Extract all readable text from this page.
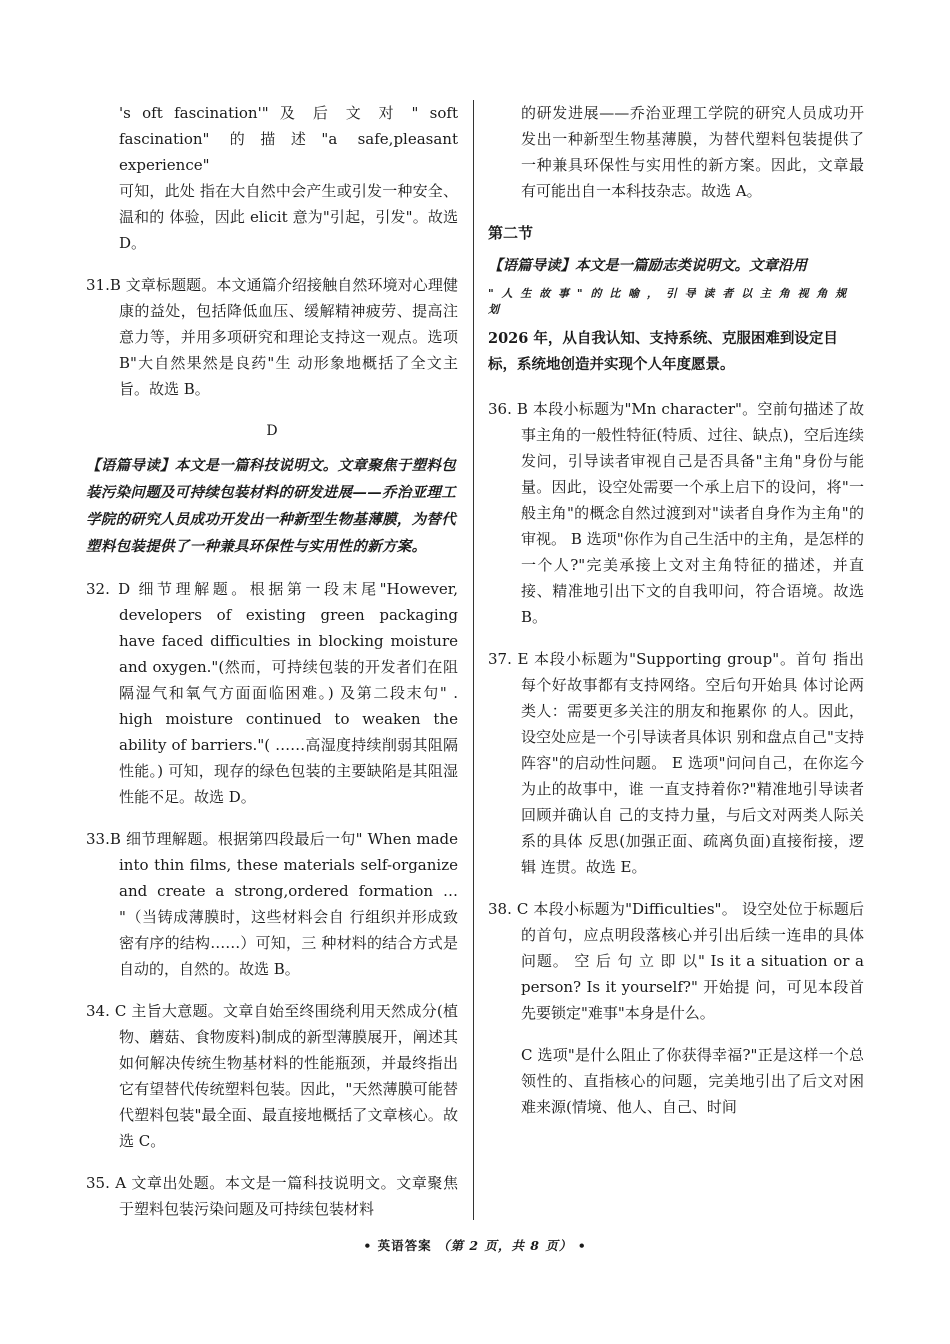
's oft fascination'" 及 后 文 对 " soft fascination" 的描述"a safe,pleasant experience"

可知，此处 指在大自然中会产生或引发一种安全、温和的 体验，因此 elicit 意为"引起，引发"。故选 D。

31.B 文章标题题。本文通篇介绍接触自然环境对心理健康的益处，包括降低血压、缓解精神疲劳、提高注意力等，并用多项研究和理论支持这一观点。选项 B"大自然果然是良药"生 动形象地概括了全文主旨。故选 B。

D

【语篇导读】本文是一篇科技说明文。文章聚焦于塑料包装污染问题及可持续包装材料的研发进展——乔治亚理工学院的研究人员成功开发出一种新型生物基薄膜，为替代塑料包装提供了一种兼具环保性与实用性的新方案。

32. D 细节理解题。根据第一段末尾"However, developers of existing green packaging have faced difficulties in blocking moisture and oxygen."(然而，可持续包装的开发者们在阻隔湿气和氧气方面面临困难。) 及第二段末句" . high moisture continued to weaken the ability of barriers."( ……高湿度持续削弱其阻隔性能。) 可知，现存的绿色包装的主要缺陷是其阻湿性能不足。故选 D。

33.B 细节理解题。根据第四段最后一句" When made into thin films, these materials self-organize and create a strong,ordered formation … "（当铸成薄膜时，这些材料会自 行组织并形成致密有序的结构……）可知，三 种材料的结合方式是自动的，自然的。故选 B。

34. C 主旨大意题。文章自始至终围绕利用天然成分(植物、蘑菇、食物废料)制成的新型薄膜展开，阐述其如何解决传统生物基材料的性能瓶颈，并最终指出它有望替代传统塑料包装。因此，"天然薄膜可能替代塑料包装"最全面、最直接地概括了文章核心。故选 C。

35. A 文章出处题。本文是一篇科技说明文。文章聚焦于塑料包装污染问题及可持续包装材料

的研发进展——乔治亚理工学院的研究人员成功开发出一种新型生物基薄膜，为替代塑料包装提供了一种兼具环保性与实用性的新方案。因此，文章最有可能出自一本科技杂志。故选 A。

第二节

【语篇导读】本文是一篇励志类说明文。文章沿用

" 人 生 故 事 " 的 比 喻 ， 引 导 读 者 以 主 角 视 角 规 划

2026 年，从自我认知、支持系统、克服困难到设定目标，系统地创造并实现个人年度愿景。

36. B 本段小标题为"Mn character"。空前句描述了故事主角的一般性特征(特质、过往、缺点)，空后连续发问，引导读者审视自己是否具备"主角"身份与能量。因此，设空处需要一个承上启下的设问，将"一般主角"的概念自然过渡到对"读者自身作为主角"的审视。 B 选项"你作为自己生活中的主角，是怎样的一个人?"完美承接上文对主角特征的描述，并直接、精准地引出下文的自我叩问，符合语境。故选 B。

37. E 本段小标题为"Supporting group"。首句 指出每个好故事都有支持网络。空后句开始具 体讨论两类人：需要更多关注的朋友和拖累你 的人。因此，设空处应是一个引导读者具体识 别和盘点自己"支持阵容"的启动性问题。 E 选项"问问自己，在你迄今为止的故事中，谁 一直支持着你?"精准地引导读者回顾并确认自 己的支持力量，与后文对两类人际关系的具体 反思(加强正面、疏离负面)直接衔接，逻辑 连贯。故选 E。

38. C 本段小标题为"Difficulties"。 设空处位于标题后的首句，应点明段落核心并引出后续一连串的具体问题。 空 后 句 立 即 以" Is it a situation or a person? Is it yourself?" 开始提 问，可见本段首先要锁定"难事"本身是什么。

C 选项"是什么阻止了你获得幸福?"正是这样一个总领性的、直指核心的问题，完美地引出了后文对困难来源(情境、他人、自己、时间

• 英语答案 （第 2 页，共 8 页） •
